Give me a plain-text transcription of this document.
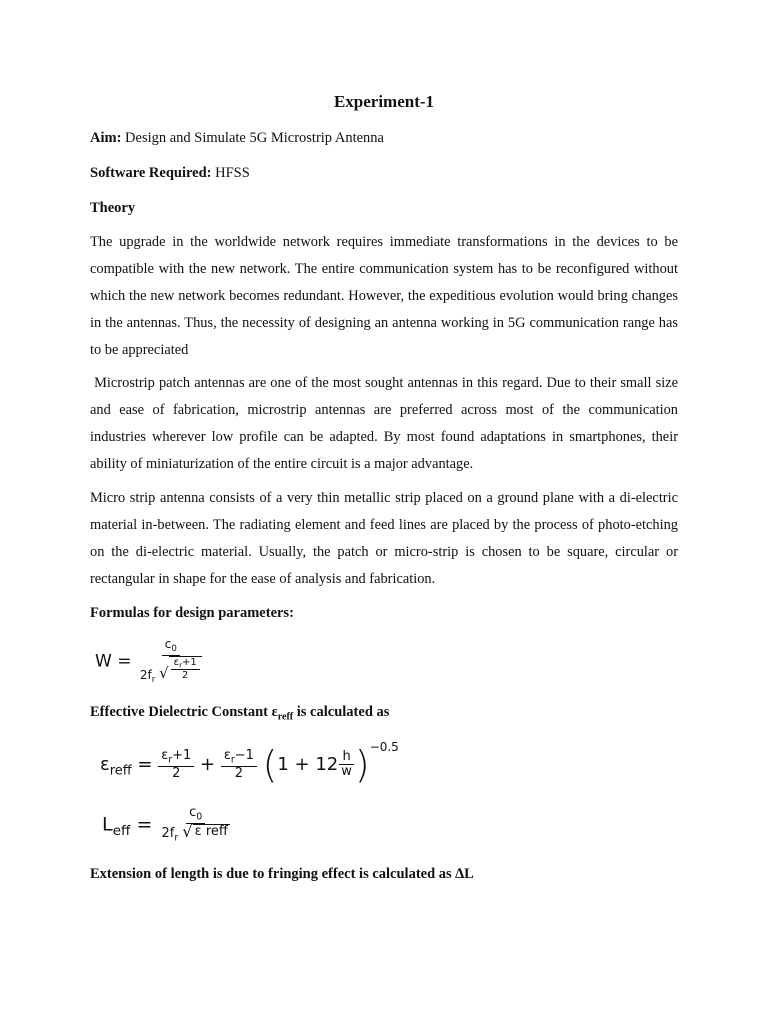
Experiment-1
Aim: Design and Simulate 5G Microstrip Antenna
Software Required: HFSS
Theory

The upgrade in the worldwide network requires immediate transformations in the devices to be compatible with the new network. The entire communication system has to be reconfigured without which the new network becomes redundant. However, the expeditious evolution would bring changes in the antennas. Thus, the necessity of designing an antenna working in 5G communication range has to be appreciated

Microstrip patch antennas are one of the most sought antennas in this regard. Due to their small size and ease of fabrication, microstrip antennas are preferred across most of the communication industries wherever low profile can be adapted. By most found adaptations in smartphones, their ability of miniaturization of the entire circuit is a major advantage.

Micro strip antenna consists of a very thin metallic strip placed on a ground plane with a di-electric material in-between. The radiating element and feed lines are placed by the process of photo-etching on the di-electric material. Usually, the patch or micro-strip is chosen to be square, circular or rectangular in shape for the ease of analysis and fabrication.

Formulas for design parameters:
$W = \frac{c_0}{2f_r √ \frac{\varepsilon_r+1}{2}}$
Effective Dielectric Constant $\varepsilon_{reff}$ is calculated as
$\varepsilon_{reff} = \frac{\varepsilon_r+1}{2} + \frac{\varepsilon_r-1}{2} (1 + 12 \frac{h}{w} )^{-0.5}$
$L_{eff} = \frac{c_0}{2f_r √ \varepsilon reff}$
Extension of length is due to fringing effect is calculated as ∆L
